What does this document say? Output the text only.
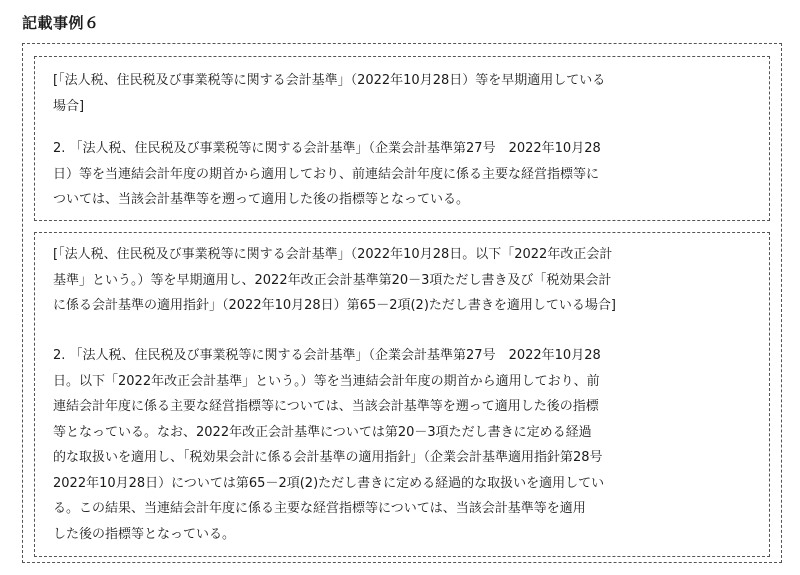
記載事例６
[「法人税、住民税及び事業税等に関する会計基準」（2022年10月28日）等を早期適用している
場合]
2. 「法人税、住民税及び事業税等に関する会計基準」（企業会計基準第27号　2022年10月28
日）等を当連結会計年度の期首から適用しており、前連結会計年度に係る主要な経営指標等に
ついては、当該会計基準等を遡って適用した後の指標等となっている。
[「法人税、住民税及び事業税等に関する会計基準」（2022年10月28日。以下「2022年改正会計
基準」という。）等を早期適用し、2022年改正会計基準第20－3項ただし書き及び「税効果会計
に係る会計基準の適用指針」（2022年10月28日）第65－2項(2)ただし書きを適用している場合]
2. 「法人税、住民税及び事業税等に関する会計基準」（企業会計基準第27号　2022年10月28
日。以下「2022年改正会計基準」という。）等を当連結会計年度の期首から適用しており、前
連結会計年度に係る主要な経営指標等については、当該会計基準等を遡って適用した後の指標
等となっている。なお、2022年改正会計基準については第20－3項ただし書きに定める経過
的な取扱いを適用し、「税効果会計に係る会計基準の適用指針」（企業会計基準適用指針第28号
2022年10月28日）については第65－2項(2)ただし書きに定める経過的な取扱いを適用してい
る。この結果、当連結会計年度に係る主要な経営指標等については、当該会計基準等を適用
した後の指標等となっている。
